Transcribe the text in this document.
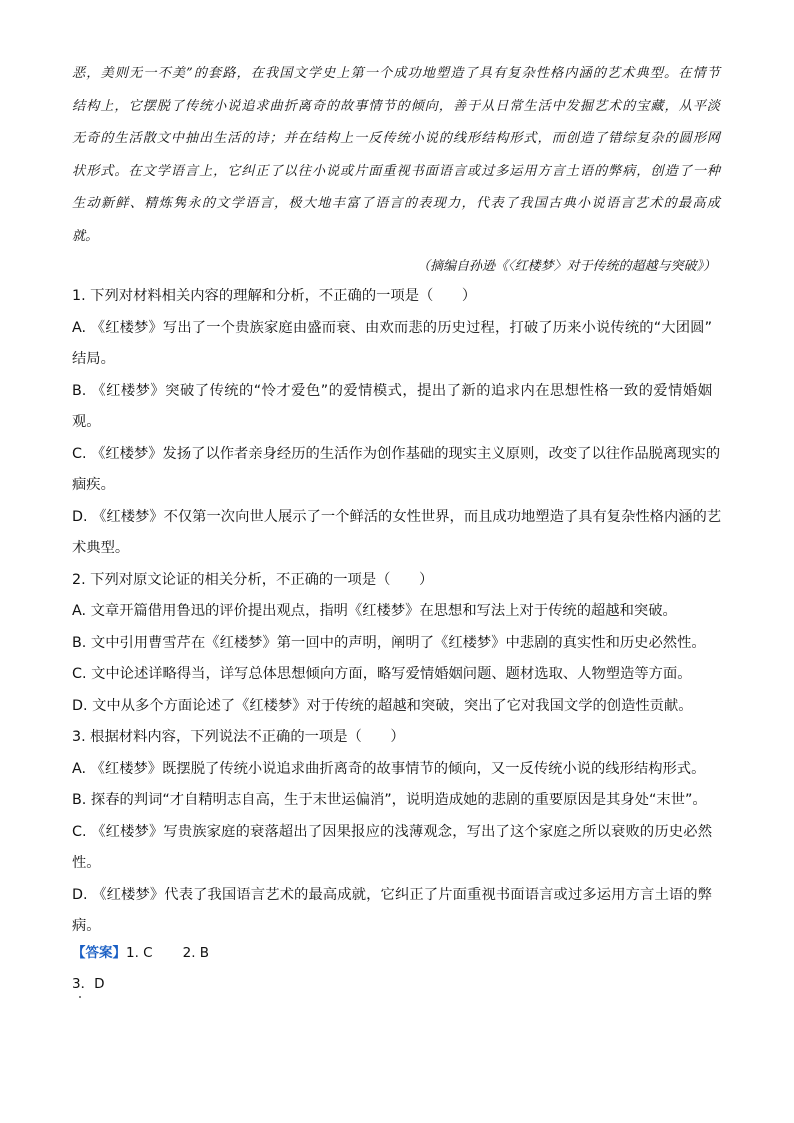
恶，美则无一不美”的套路，在我国文学史上第一个成功地塑造了具有复杂性格内涵的艺术典型。在情节
结构上，它摆脱了传统小说追求曲折离奇的故事情节的倾向，善于从日常生活中发掘艺术的宝藏，从平淡
无奇的生活散文中抽出生活的诗；并在结构上一反传统小说的线形结构形式，而创造了错综复杂的圆形网
状形式。在文学语言上，它纠正了以往小说或片面重视书面语言或过多运用方言土语的弊病，创造了一种
生动新鲜、精炼隽永的文学语言，极大地丰富了语言的表现力，代表了我国古典小说语言艺术的最高成
就。
（摘编自孙逊《〈红楼梦〉对于传统的超越与突破》）
1. 下列对材料相关内容的理解和分析，不正确的一项是（　　）
A. 《红楼梦》写出了一个贵族家庭由盛而衰、由欢而悲的历史过程，打破了历来小说传统的“大团圆”
结局。
B. 《红楼梦》突破了传统的“怜才爱色”的爱情模式，提出了新的追求内在思想性格一致的爱情婚姻
观。
C. 《红楼梦》发扬了以作者亲身经历的生活作为创作基础的现实主义原则，改变了以往作品脱离现实的
痼疾。
D. 《红楼梦》不仅第一次向世人展示了一个鲜活的女性世界，而且成功地塑造了具有复杂性格内涵的艺
术典型。
2. 下列对原文论证的相关分析，不正确的一项是（　　）
A. 文章开篇借用鲁迅的评价提出观点，指明《红楼梦》在思想和写法上对于传统的超越和突破。
B. 文中引用曹雪芹在《红楼梦》第一回中的声明，阐明了《红楼梦》中悲剧的真实性和历史必然性。
C. 文中论述详略得当，详写总体思想倾向方面，略写爱情婚姻问题、题材选取、人物塑造等方面。
D. 文中从多个方面论述了《红楼梦》对于传统的超越和突破，突出了它对我国文学的创造性贡献。
3. 根据材料内容，下列说法不正确的一项是（　　）
A. 《红楼梦》既摆脱了传统小说追求曲折离奇的故事情节的倾向，又一反传统小说的线形结构形式。
B. 探春的判词“才自精明志自高，生于末世运偏消”，说明造成她的悲剧的重要原因是其身处“末世”。
C. 《红楼梦》写贵族家庭的衰落超出了因果报应的浅薄观念，写出了这个家庭之所以衰败的历史必然
性。
D. 《红楼梦》代表了我国语言艺术的最高成就，它纠正了片面重视书面语言或过多运用方言土语的弊
病。
【答案】1. C 2. B
3．D
